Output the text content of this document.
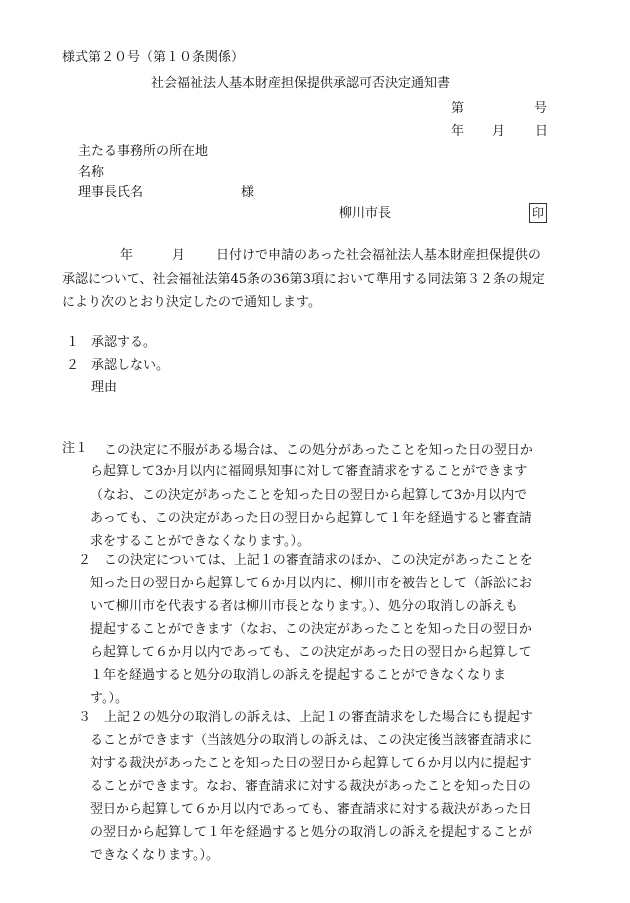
様式第２０号（第１０条関係）
社会福祉法人基本財産担保提供承認可否決定通知書
第	号
年 月 日
主たる事務所の所在地
名称
理事長氏名	様
柳川市長	印
年	月 日付けで申請のあった社会福祉法人基本財産担保提供の
承認について、社会福祉法第45条の36第3項において準用する同法第３２条の規定
により次のとおり決定したので通知します。
１ 承認する。
２ 承認しない。
理由
注１ この決定に不服がある場合は、この処分があったことを知った日の翌日か
ら起算して3か月以内に福岡県知事に対して審査請求をすることができます
（なお、この決定があったことを知った日の翌日から起算して3か月以内で
あっても、この決定があった日の翌日から起算して１年を経過すると審査請
求をすることができなくなります。）。
２ この決定については、上記１の審査請求のほか、この決定があったことを
知った日の翌日から起算して６か月以内に、柳川市を被告として（訴訟にお
いて柳川市を代表する者は柳川市長となります。）、処分の取消しの訴えも
提起することができます（なお、この決定があったことを知った日の翌日か
ら起算して６か月以内であっても、この決定があった日の翌日から起算して
１年を経過すると処分の取消しの訴えを提起することができなくなりま
す。）。
３ 上記２の処分の取消しの訴えは、上記１の審査請求をした場合にも提起す
ることができます（当該処分の取消しの訴えは、この決定後当該審査請求に
対する裁決があったことを知った日の翌日から起算して６か月以内に提起す
ることができます。なお、審査請求に対する裁決があったことを知った日の
翌日から起算して６か月以内であっても、審査請求に対する裁決があった日
の翌日から起算して１年を経過すると処分の取消しの訴えを提起することが
できなくなります。）。
